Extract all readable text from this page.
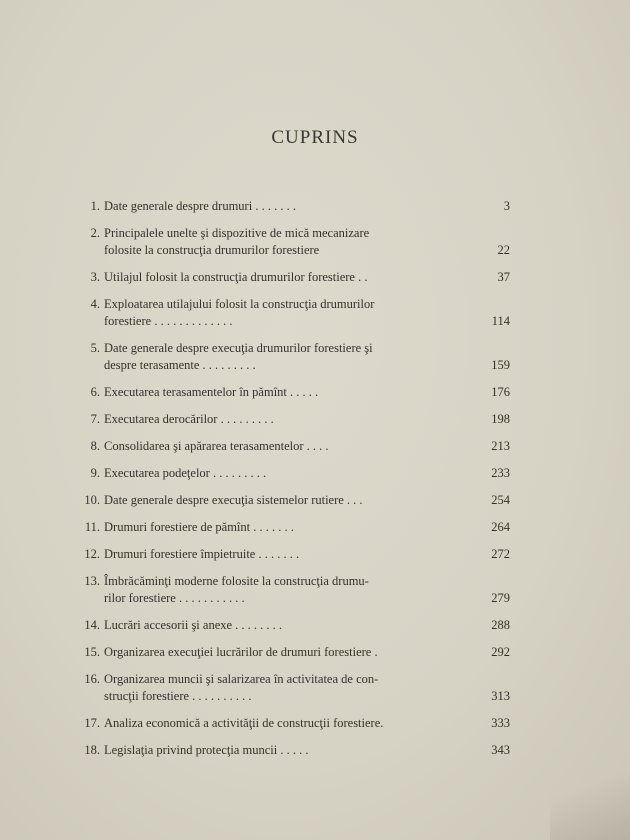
CUPRINS
1. Date generale despre drumuri . . . . . . .	3
2. Principalele unelte şi dispozitive de mică mecanizare
folosite la construcţia drumurilor forestiere	22
3. Utilajul folosit la construcţia drumurilor forestiere . .	37
4. Exploatarea utilajului folosit la construcţia drumurilor
forestiere . . . . . . . . . . . . .	114
5. Date generale despre execuţia drumurilor forestiere şi
despre terasamente . . . . . . . . .	159
6. Executarea terasamentelor în pămînt . . . . .	176
7. Executarea derocărilor . . . . . . . . .	198
8. Consolidarea şi apărarea terasamentelor . . . .	213
9. Executarea podeţelor . . . . . . . . .	233
10. Date generale despre execuţia sistemelor rutiere . . .	254
11. Drumuri forestiere de pămînt . . . . . . .	264
12. Drumuri forestiere împietruite . . . . . . .	272
13. Îmbrăcăminţi moderne folosite la construcţia drumu-
rilor forestiere . . . . . . . . . . .	279
14. Lucrări accesorii şi anexe . . . . . . . .	288
15. Organizarea execuţiei lucrărilor de drumuri forestiere .	292
16. Organizarea muncii şi salarizarea în activitatea de con-
strucţii forestiere . . . . . . . . . .	313
17. Analiza economică a activităţii de construcţii forestiere.	333
18. Legislaţia privind protecţia muncii . . . . .	343
